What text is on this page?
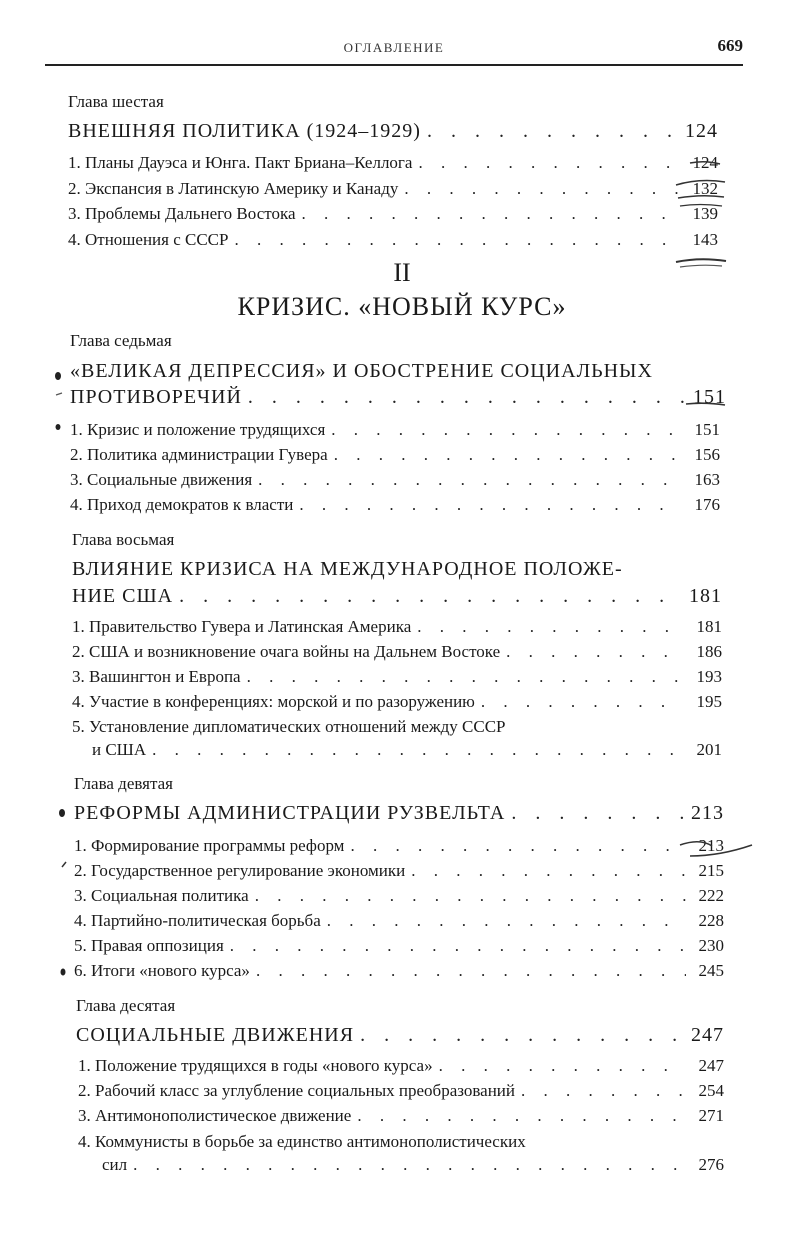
ОГЛАВЛЕНИЕ	669
Глава шестая
ВНЕШНЯЯ ПОЛИТИКА (1924–1929) . . .	124
1. Планы Дауэса и Юнга. Пакт Бриана–Келлога . . .	124
2. Экспансия в Латинскую Америку и Канаду . . .	132
3. Проблемы Дальнего Востока . . .	139
4. Отношения с СССР . . .	143
II
КРИЗИС. «НОВЫЙ КУРС»
Глава седьмая
«ВЕЛИКАЯ ДЕПРЕССИЯ» И ОБОСТРЕНИЕ СОЦИАЛЬНЫХ
ПРОТИВОРЕЧИЙ . . .	151
1. Кризис и положение трудящихся . . .	151
2. Политика администрации Гувера . . .	156
3. Социальные движения . . .	163
4. Приход демократов к власти . . .	176
Глава восьмая
ВЛИЯНИЕ КРИЗИСА НА МЕЖДУНАРОДНОЕ ПОЛОЖЕ-
НИЕ США . . .	181
1. Правительство Гувера и Латинская Америка . . .	181
2. США и возникновение очага войны на Дальнем Востоке . . .	186
3. Вашингтон и Европа . . .	193
4. Участие в конференциях: морской и по разоружению . . .	195
5. Установление дипломатических отношений между СССР
и США . . .	201
Глава девятая
РЕФОРМЫ АДМИНИСТРАЦИИ РУЗВЕЛЬТА . . .	213
1. Формирование программы реформ . . .	213
2. Государственное регулирование экономики . . .	215
3. Социальная политика . . .	222
4. Партийно-политическая борьба . . .	228
5. Правая оппозиция . . .	230
6. Итоги «нового курса» . . .	245
Глава десятая
СОЦИАЛЬНЫЕ ДВИЖЕНИЯ . . .	247
1. Положение трудящихся в годы «нового курса» . . .	247
2. Рабочий класс за углубление социальных преобразований . . .	254
3. Антимонополистическое движение . . .	271
4. Коммунисты в борьбе за единство антимонополистических
сил . . .	276
